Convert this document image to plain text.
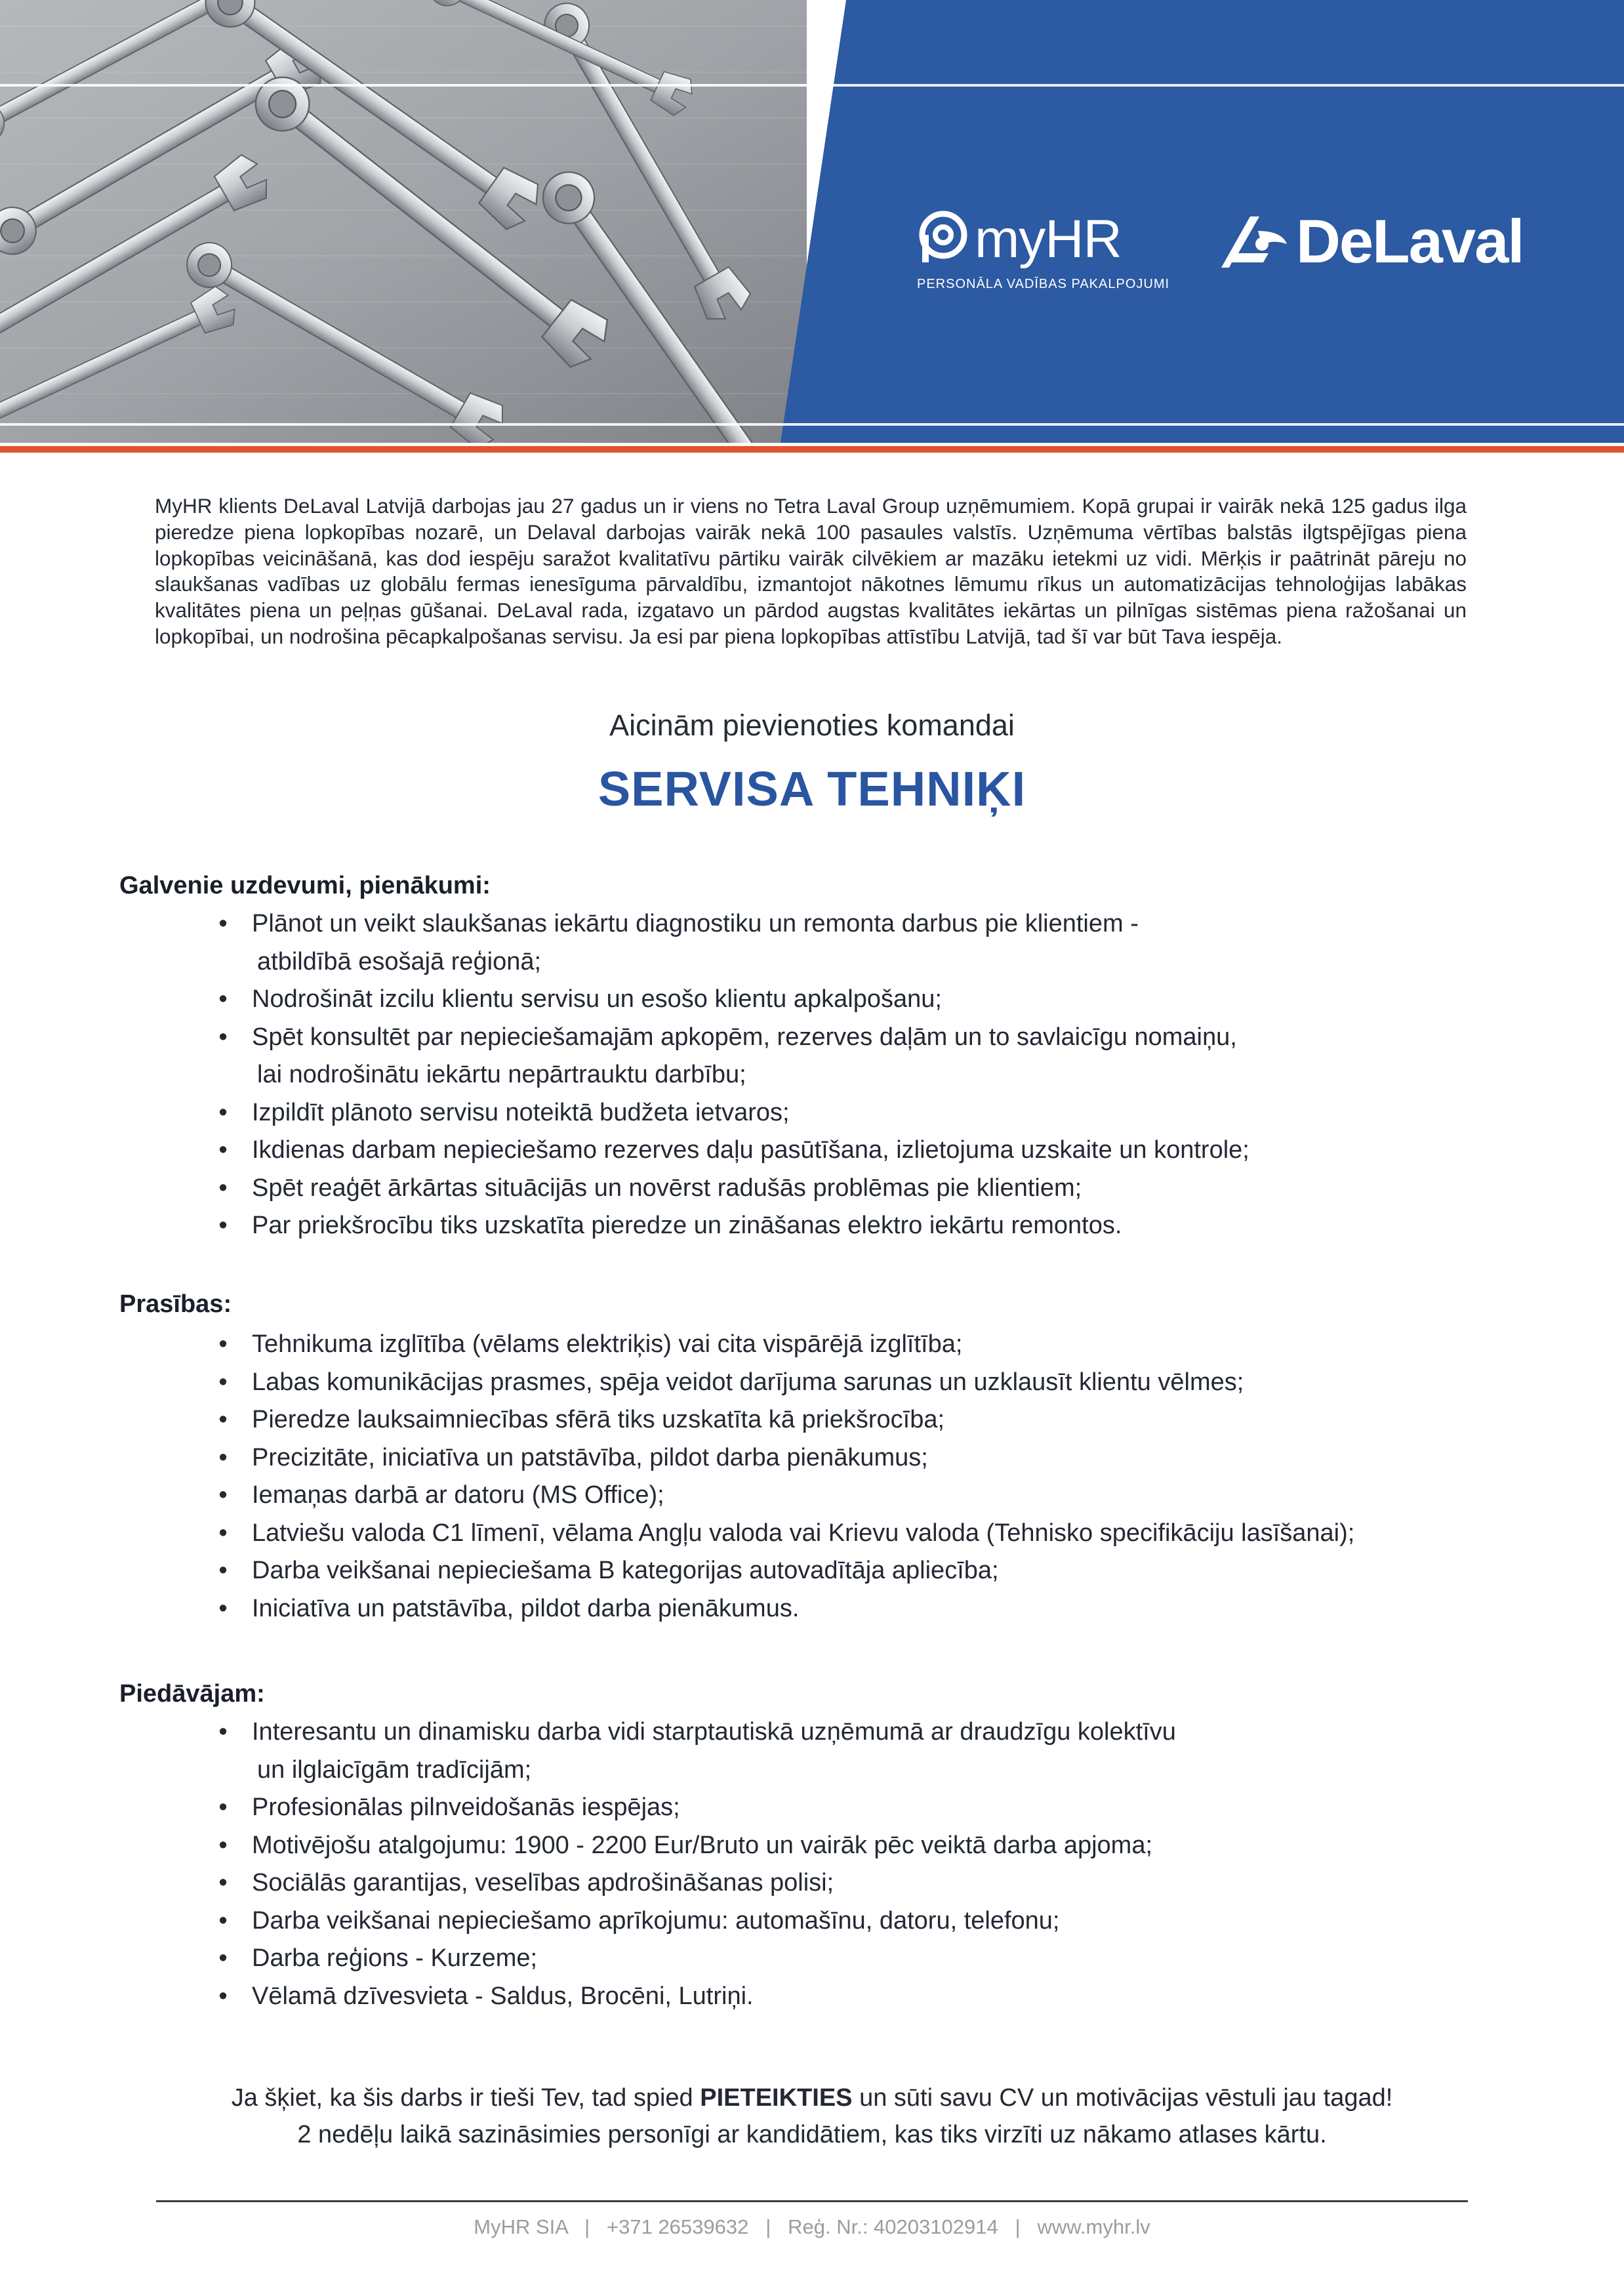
myHR
PERSONĀLA VADĪBAS PAKALPOJUMI
DeLaval

MyHR klients DeLaval Latvijā darbojas jau 27 gadus un ir viens no Tetra Laval Group uzņēmumiem. Kopā grupai ir vairāk nekā 125 gadus ilga pieredze piena lopkopības nozarē, un Delaval darbojas vairāk nekā 100 pasaules valstīs. Uzņēmuma vērtības balstās ilgtspējīgas piena lopkopības veicināšanā, kas dod iespēju saražot kvalitatīvu pārtiku vairāk cilvēkiem ar mazāku ietekmi uz vidi. Mērķis ir paātrināt pāreju no slaukšanas vadības uz globālu fermas ienesīguma pārvaldību, izmantojot nākotnes lēmumu rīkus un automatizācijas tehnoloģijas labākas kvalitātes piena un peļņas gūšanai. DeLaval rada, izgatavo un pārdod augstas kvalitātes iekārtas un pilnīgas sistēmas piena ražošanai un lopkopībai, un nodrošina pēcapkalpošanas servisu. Ja esi par piena lopkopības attīstību Latvijā, tad šī var būt Tava iespēja.

Aicinām pievienoties komandai
SERVISA TEHNIĶI
Galvenie uzdevumi, pienākumi:
• Plānot un veikt slaukšanas iekārtu diagnostiku un remonta darbus pie klientiem -
atbildībā esošajā reģionā;
• Nodrošināt izcilu klientu servisu un esošo klientu apkalpošanu;
• Spēt konsultēt par nepieciešamajām apkopēm, rezerves daļām un to savlaicīgu nomaiņu,
lai nodrošinātu iekārtu nepārtrauktu darbību;
• Izpildīt plānoto servisu noteiktā budžeta ietvaros;
• Ikdienas darbam nepieciešamo rezerves daļu pasūtīšana, izlietojuma uzskaite un kontrole;
• Spēt reaģēt ārkārtas situācijās un novērst radušās problēmas pie klientiem;
• Par priekšrocību tiks uzskatīta pieredze un zināšanas elektro iekārtu remontos.
Prasības:
• Tehnikuma izglītība (vēlams elektriķis) vai cita vispārējā izglītība;
• Labas komunikācijas prasmes, spēja veidot darījuma sarunas un uzklausīt klientu vēlmes;
• Pieredze lauksaimniecības sfērā tiks uzskatīta kā priekšrocība;
• Precizitāte, iniciatīva un patstāvība, pildot darba pienākumus;
• Iemaņas darbā ar datoru (MS Office);
• Latviešu valoda C1 līmenī, vēlama Angļu valoda vai Krievu valoda (Tehnisko specifikāciju lasīšanai);
• Darba veikšanai nepieciešama B kategorijas autovadītāja apliecība;
• Iniciatīva un patstāvība, pildot darba pienākumus.
Piedāvājam:
• Interesantu un dinamisku darba vidi starptautiskā uzņēmumā ar draudzīgu kolektīvu
un ilglaicīgām tradīcijām;
• Profesionālas pilnveidošanās iespējas;
• Motivējošu atalgojumu: 1900 - 2200 Eur/Bruto un vairāk pēc veiktā darba apjoma;
• Sociālās garantijas, veselības apdrošināšanas polisi;
• Darba veikšanai nepieciešamo aprīkojumu: automašīnu, datoru, telefonu;
• Darba reģions - Kurzeme;
• Vēlamā dzīvesvieta - Saldus, Brocēni, Lutriņi.
Ja šķiet, ka šis darbs ir tieši Tev, tad spied PIETEIKTIES un sūti savu CV un motivācijas vēstuli jau tagad!
2 nedēļu laikā sazināsimies personīgi ar kandidātiem, kas tiks virzīti uz nākamo atlases kārtu.
MyHR SIA | +371 26539632 | Reģ. Nr.: 40203102914 | www.myhr.lv
